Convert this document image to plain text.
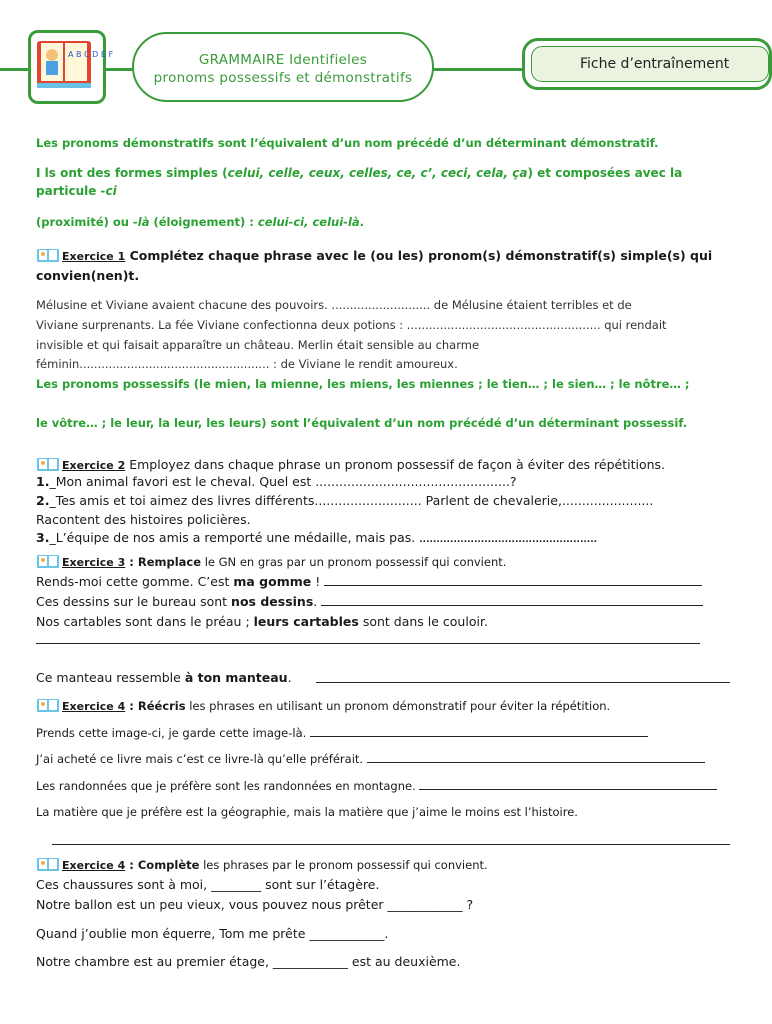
A B C D E F	GRAMMAIRE Identifieles
pronoms possessifs et démonstratifs
Fiche d’entraînement
Les pronoms démonstratifs sont l’équivalent d’un nom précédé d’un déterminant démonstratif.
I ls ont des formes simples (celui, celle, ceux, celles, ce, c’, ceci, cela, ça) et composées avec la
particule -ci
(proximité) ou -là (éloignement) : celui-ci, celui-là.
Exercice 1 Complétez chaque phrase avec le (ou les) pronom(s) démonstratif(s) simple(s) qui
convien(nen)t.
Mélusine et Viviane avaient chacune des pouvoirs. ........................... de Mélusine étaient terribles et de
Viviane surprenants. La fée Viviane confectionna deux potions : ..................................................... qui rendait
invisible et qui faisait apparaître un château. Merlin était sensible au charme
féminin.................................................... : de Viviane le rendit amoureux.
Les pronoms possessifs (le mien, la mienne, les miens, les miennes ; le tien… ; le sien… ; le nôtre… ;
le vôtre… ; le leur, la leur, les leurs) sont l’équivalent d’un nom précédé d’un déterminant possessif.
Exercice 2 Employez dans chaque phrase un pronom possessif de façon à éviter des répétitions.
1._Mon animal favori est le cheval. Quel est .................................................?
2._Tes amis et toi aimez des livres différents........................... Parlent de chevalerie,.......................
Racontent des histoires policières.
3._L’équipe de nos amis a remporté une médaille, mais pas. ....................................................
Exercice 3 : Remplace le GN en gras par un pronom possessif qui convient.
Rends-moi cette gomme. C’est ma gomme !
Ces dessins sur le bureau sont nos dessins.
Nos cartables sont dans le préau ; leurs cartables sont dans le couloir.
Ce manteau ressemble à ton manteau.
Exercice 4 : Réécris les phrases en utilisant un pronom démonstratif pour éviter la répétition.
Prends cette image-ci, je garde cette image-là.
J’ai acheté ce livre mais c’est ce livre-là qu’elle préférait.
Les randonnées que je préfère sont les randonnées en montagne.
La matière que je préfère est la géographie, mais la matière que j’aime le moins est l’histoire.
Exercice 4 : Complète les phrases par le pronom possessif qui convient.
Ces chaussures sont à moi, ________ sont sur l’étagère.
Notre ballon est un peu vieux, vous pouvez nous prêter ____________ ?
Quand j’oublie mon équerre, Tom me prête ____________.
Notre chambre est au premier étage, ____________ est au deuxième.
